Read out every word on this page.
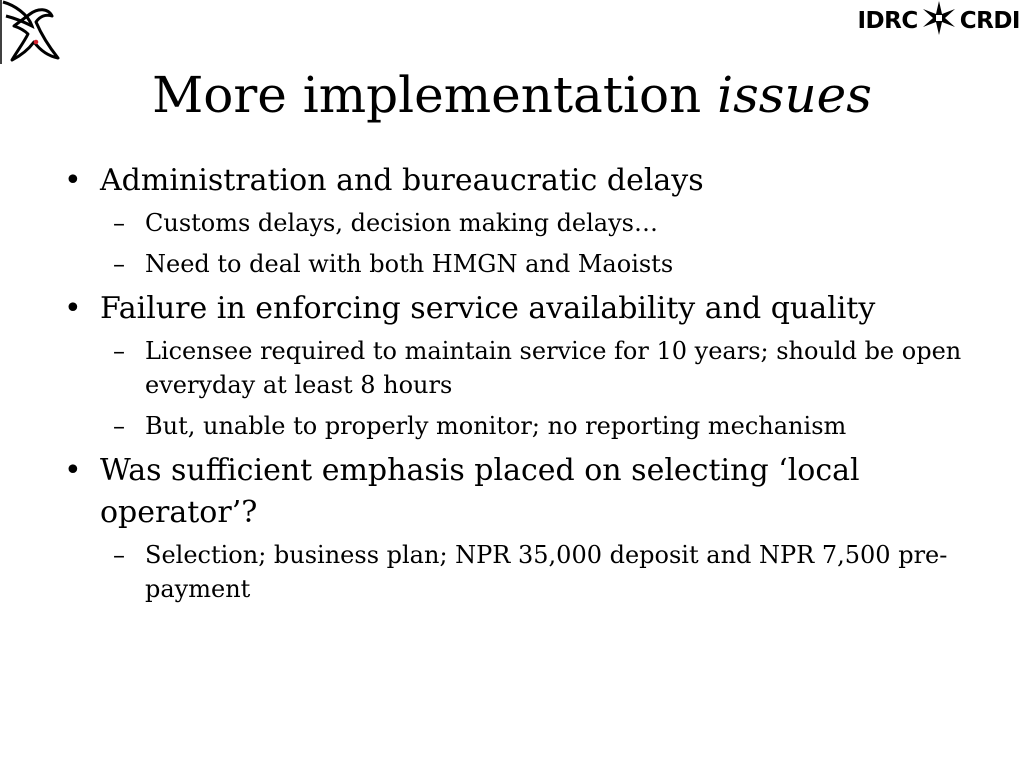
IDRC CRDI
More implementation issues
• Administration and bureaucratic delays
– Customs delays, decision making delays…
– Need to deal with both HMGN and Maoists
• Failure in enforcing service availability and quality
– Licensee required to maintain service for 10 years; should be open everyday at least 8 hours
– But, unable to properly monitor; no reporting mechanism
• Was sufficient emphasis placed on selecting ‘local operator’?
– Selection; business plan; NPR 35,000 deposit and NPR 7,500 pre-payment
